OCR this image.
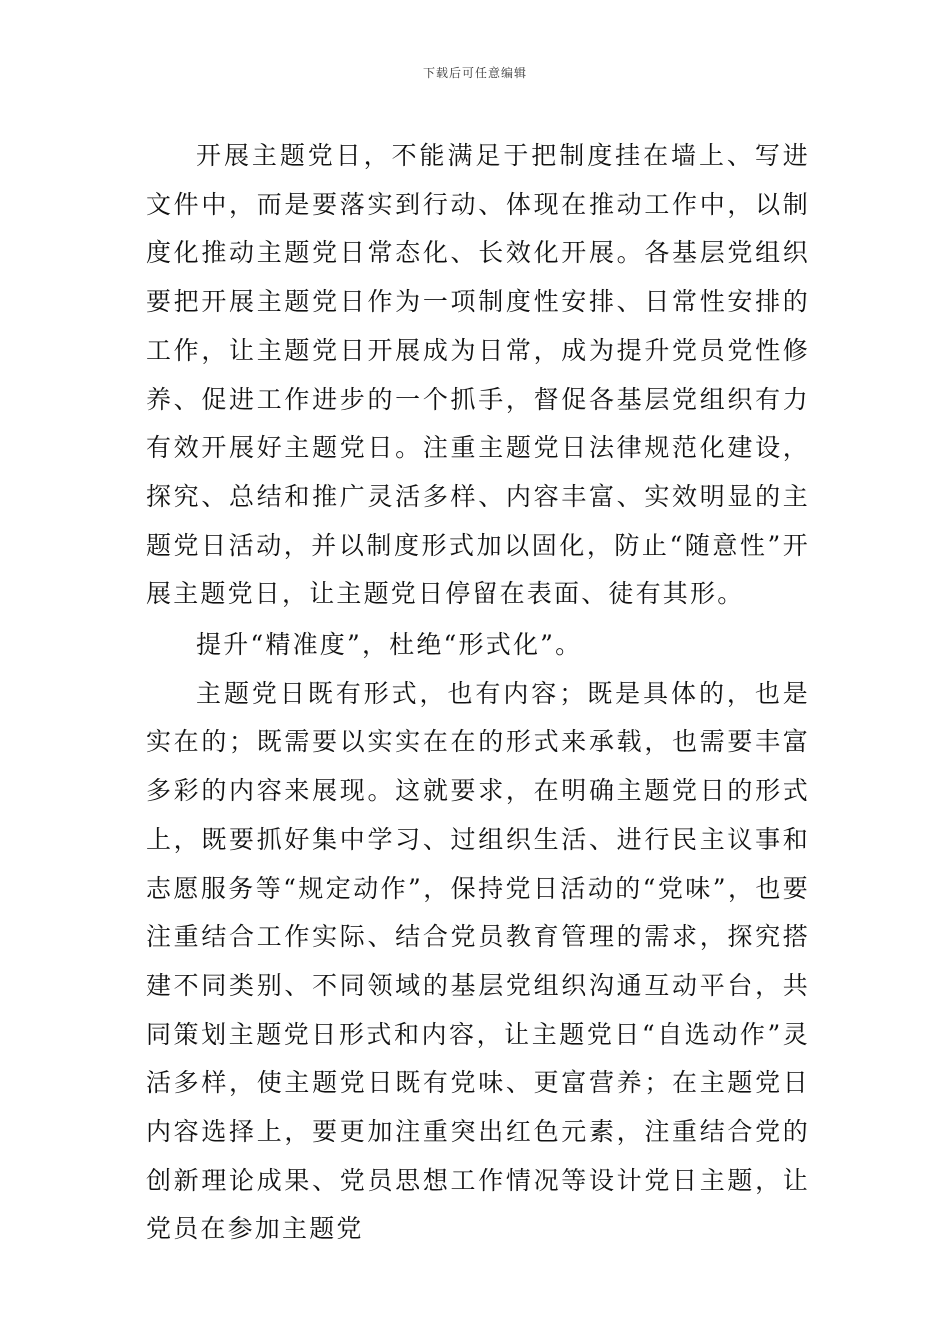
下载后可任意编辑

开展主题党日，不能满足于把制度挂在墙上、写进文件中，而是要落实到行动、体现在推动工作中，以制度化推动主题党日常态化、长效化开展。各基层党组织要把开展主题党日作为一项制度性安排、日常性安排的工作，让主题党日开展成为日常，成为提升党员党性修养、促进工作进步的一个抓手，督促各基层党组织有力有效开展好主题党日。注重主题党日法律规范化建设，探究、总结和推广灵活多样、内容丰富、实效明显的主题党日活动，并以制度形式加以固化，防止“随意性”开展主题党日，让主题党日停留在表面、徒有其形。

提升“精准度”，杜绝“形式化”。

主题党日既有形式，也有内容；既是具体的，也是实在的；既需要以实实在在的形式来承载，也需要丰富多彩的内容来展现。这就要求，在明确主题党日的形式上，既要抓好集中学习、过组织生活、进行民主议事和志愿服务等“规定动作”，保持党日活动的“党味”，也要注重结合工作实际、结合党员教育管理的需求，探究搭建不同类别、不同领域的基层党组织沟通互动平台，共同策划主题党日形式和内容，让主题党日“自选动作”灵活多样，使主题党日既有党味、更富营养；在主题党日内容选择上，要更加注重突出红色元素，注重结合党的创新理论成果、党员思想工作情况等设计党日主题，让党员在参加主题党
